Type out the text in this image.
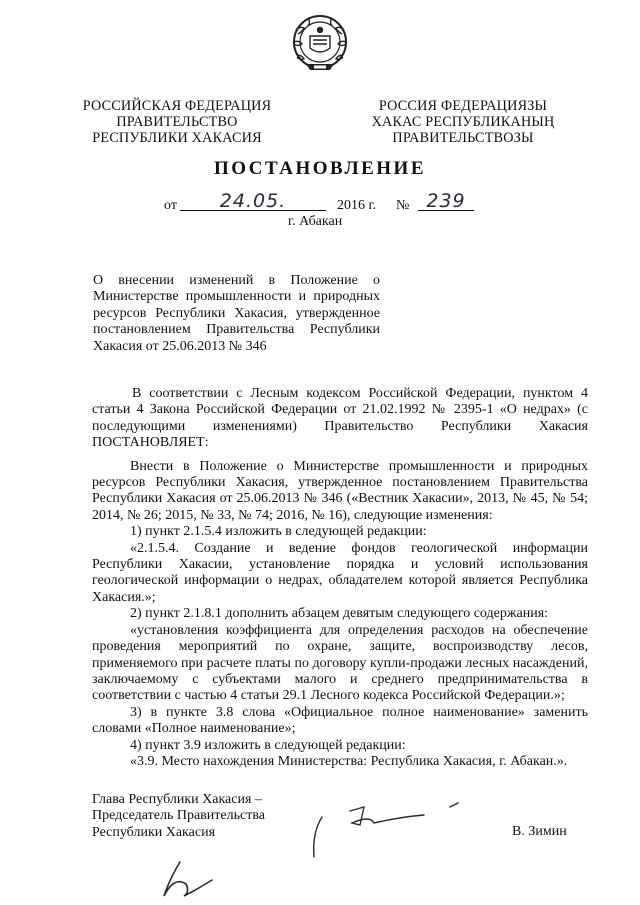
РОССИЙСКАЯ ФЕДЕРАЦИЯ
ПРАВИТЕЛЬСТВО
РЕСПУБЛИКИ ХАКАСИЯ
РОССИЯ ФЕДЕРАЦИЯЗЫ
ХАКАС РЕСПУБЛИКАНЫҢ
ПРАВИТЕЛЬСТВОЗЫ
ПОСТАНОВЛЕНИЕ
от	24.05.	2016 г. № 239
г. Абакан
О внесении изменений в Положение о Министерстве промышленности и природных ресурсов Республики Хакасия, утвержденное постановлением Правительства Республики Хакасия от 25.06.2013 № 346

В соответствии с Лесным кодексом Российской Федерации, пунктом 4 статьи 4 Закона Российской Федерации от 21.02.1992 № 2395-1 «О недрах» (с последующими изменениями) Правительство Республики Хакасия ПОСТАНОВЛЯЕТ:

Внести в Положение о Министерстве промышленности и природных ресурсов Республики Хакасия, утвержденное постановлением Правительства Республики Хакасия от 25.06.2013 № 346 («Вестник Хакасии», 2013, № 45, № 54; 2014, № 26; 2015, № 33, № 74; 2016, № 16), следующие изменения:

1) пункт 2.1.5.4 изложить в следующей редакции:

«2.1.5.4. Создание и ведение фондов геологической информации Республики Хакасии, установление порядка и условий использования геологической информации о недрах, обладателем которой является Республика Хакасия.»;

2) пункт 2.1.8.1 дополнить абзацем девятым следующего содержания:

«установления коэффициента для определения расходов на обеспечение проведения мероприятий по охране, защите, воспроизводству лесов, применяемого при расчете платы по договору купли-продажи лесных насаждений, заключаемому с субъектами малого и среднего предпринимательства в соответствии с частью 4 статьи 29.1 Лесного кодекса Российской Федерации.»;

3) в пункте 3.8 слова «Официальное полное наименование» заменить словами «Полное наименование»;

4) пункт 3.9 изложить в следующей редакции:

«3.9. Место нахождения Министерства: Республика Хакасия, г. Абакан.».

Глава Республики Хакасия –
Председатель Правительства
Республики Хакасия	В. Зимин
